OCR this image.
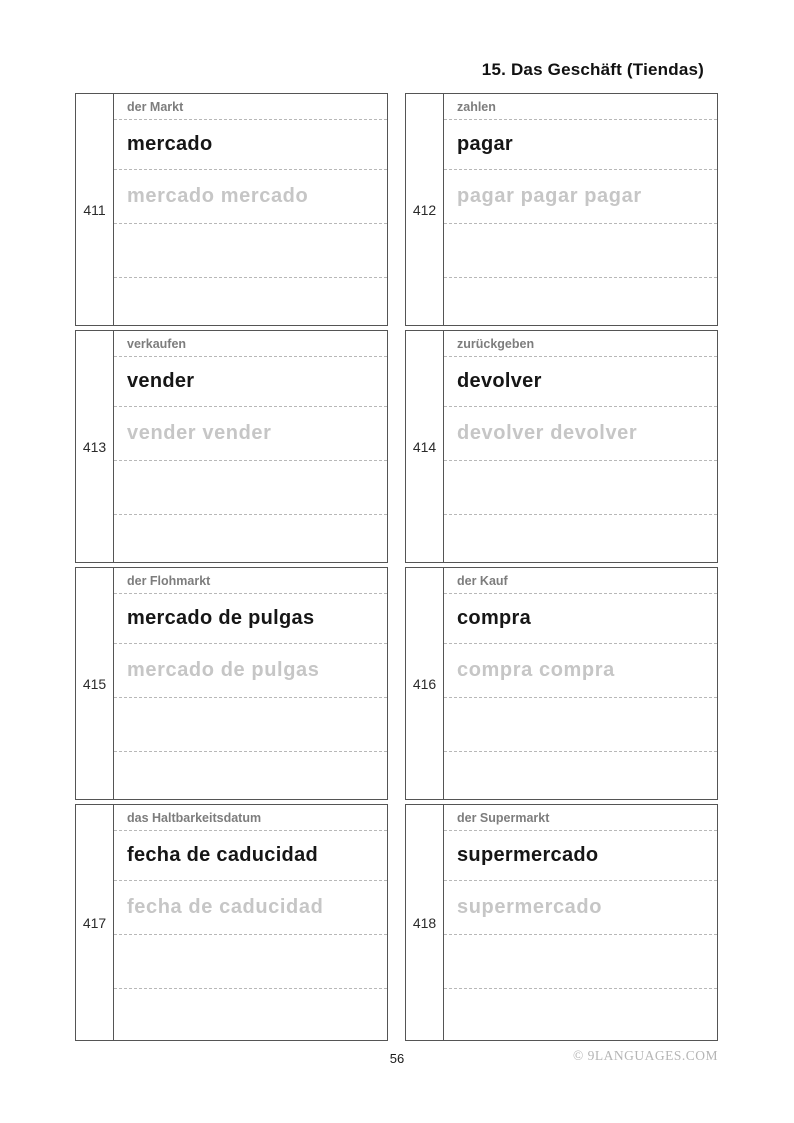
15. Das Geschäft (Tiendas)
411
der Markt
mercado
mercado mercado
412
zahlen
pagar
pagar pagar pagar
413
verkaufen
vender
vender vender
414
zurückgeben
devolver
devolver devolver
415
der Flohmarkt
mercado de pulgas
mercado de pulgas
416
der Kauf
compra
compra compra
417
das Haltbarkeitsdatum
fecha de caducidad
fecha de caducidad
418
der Supermarkt
supermercado
supermercado
56	© 9LANGUAGES.COM
